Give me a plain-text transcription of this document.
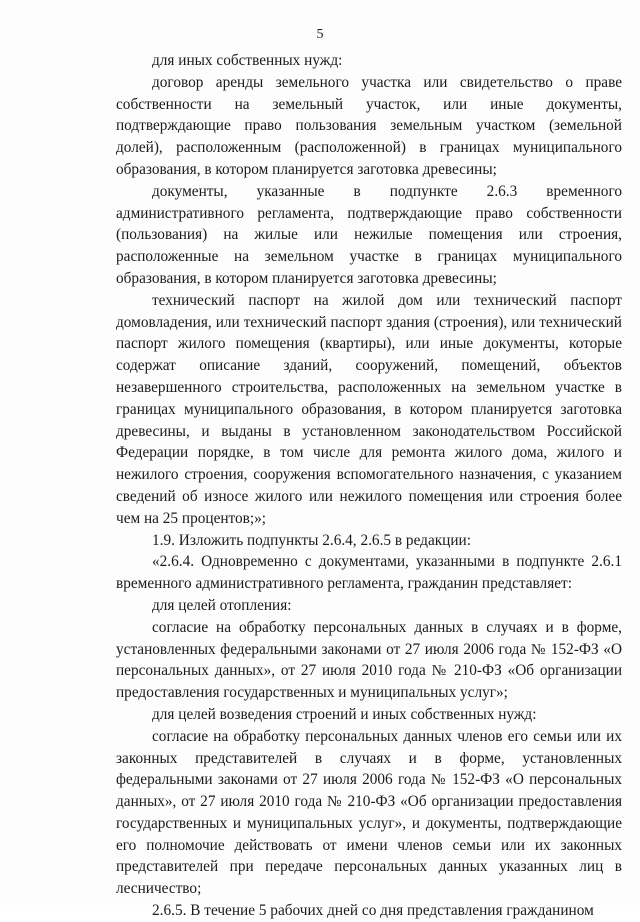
5

для иных собственных нужд:

договор аренды земельного участка или свидетельство о праве собственности на земельный участок, или иные документы, подтверждающие право пользования земельным участком (земельной долей), расположенным (расположенной) в границах муниципального образования, в котором планируется заготовка древесины;

документы, указанные в подпункте 2.6.3 временного административного регламента, подтверждающие право собственности (пользования) на жилые или нежилые помещения или строения, расположенные на земельном участке в границах муниципального образования, в котором планируется заготовка древесины;

технический паспорт на жилой дом или технический паспорт домовладения, или технический паспорт здания (строения), или технический паспорт жилого помещения (квартиры), или иные документы, которые содержат описание зданий, сооружений, помещений, объектов незавершенного строительства, расположенных на земельном участке в границах муниципального образования, в котором планируется заготовка древесины, и выданы в установленном законодательством Российской Федерации порядке, в том числе для ремонта жилого дома, жилого и нежилого строения, сооружения вспомогательного назначения, с указанием сведений об износе жилого или нежилого помещения или строения более чем на 25 процентов;»;

1.9. Изложить подпункты 2.6.4, 2.6.5 в редакции:

«2.6.4. Одновременно с документами, указанными в подпункте 2.6.1 временного административного регламента, гражданин представляет:

для целей отопления:

согласие на обработку персональных данных в случаях и в форме, установленных федеральными законами от 27 июля 2006 года № 152-ФЗ «О персональных данных», от 27 июля 2010 года № 210-ФЗ «Об организации предоставления государственных и муниципальных услуг»;

для целей возведения строений и иных собственных нужд:

согласие на обработку персональных данных членов его семьи или их законных представителей в случаях и в форме, установленных федеральными законами от 27 июля 2006 года № 152-ФЗ «О персональных данных», от 27 июля 2010 года № 210-ФЗ «Об организации предоставления государственных и муниципальных услуг», и документы, подтверждающие его полномочие действовать от имени членов семьи или их законных представителей при передаче персональных данных указанных лиц в лесничество;

2.6.5. В течение 5 рабочих дней со дня представления гражданином
